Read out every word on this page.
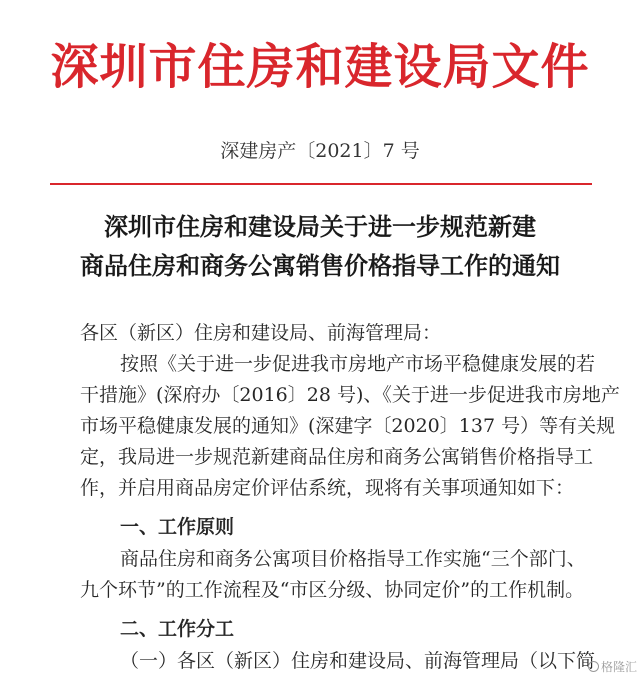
深圳市住房和建设局文件
深建房产〔2021〕7 号
深圳市住房和建设局关于进一步规范新建
商品住房和商务公寓销售价格指导工作的通知
各区（新区）住房和建设局、前海管理局：
按照《关于进一步促进我市房地产市场平稳健康发展的若
干措施》(深府办〔2016〕28 号)、《关于进一步促进我市房地产
市场平稳健康发展的通知》(深建字〔2020〕137 号）等有关规
定，我局进一步规范新建商品住房和商务公寓销售价格指导工
作，并启用商品房定价评估系统，现将有关事项通知如下：
一、工作原则
商品住房和商务公寓项目价格指导工作实施“三个部门、
九个环节”的工作流程及“市区分级、协同定价”的工作机制。
二、工作分工
（一）各区（新区）住房和建设局、前海管理局（以下简 格隆汇
